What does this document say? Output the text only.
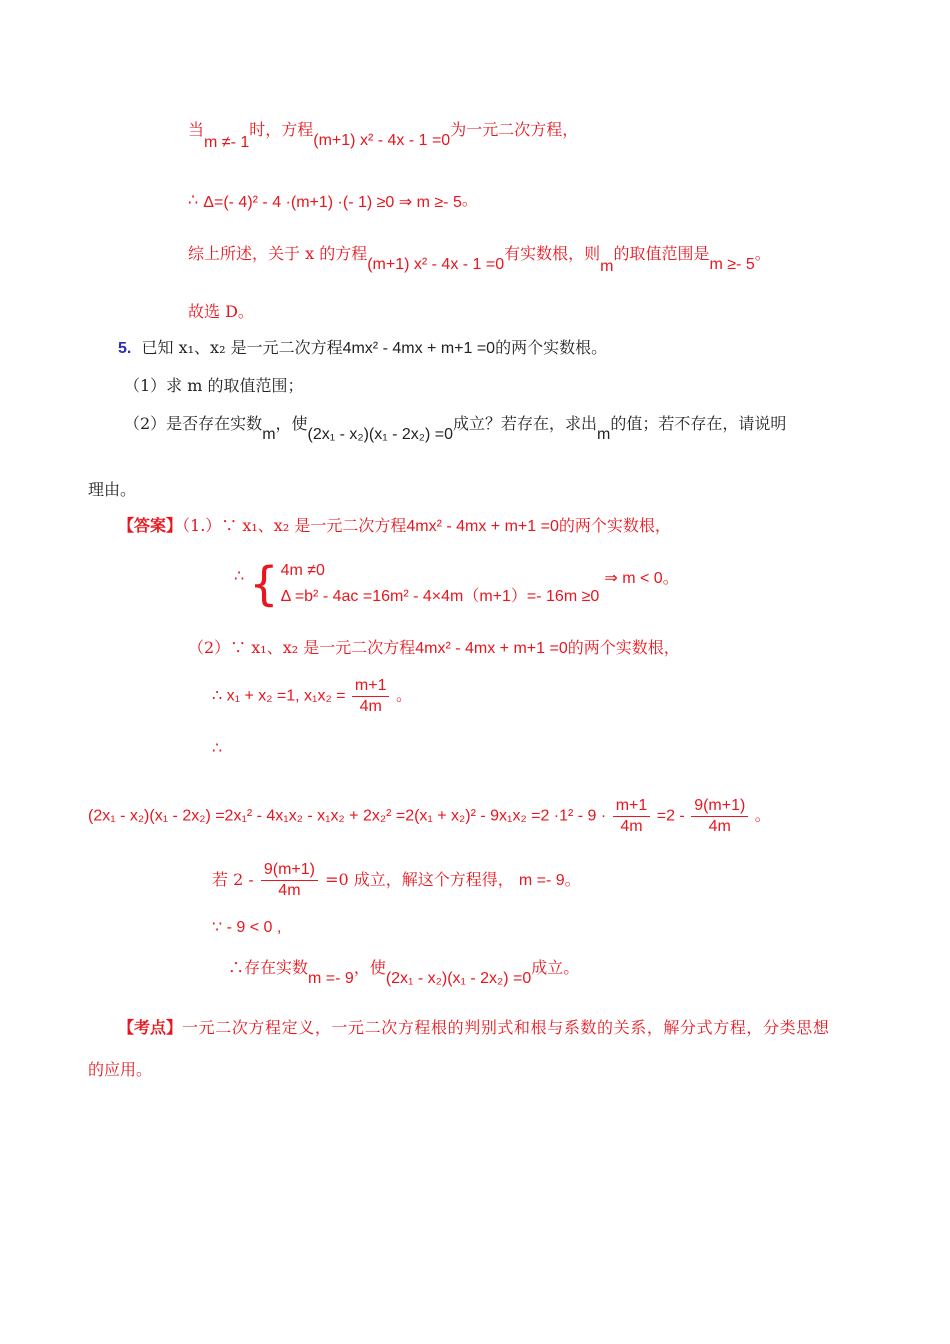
当m ≠- 1时，方程(m+1) x² - 4x - 1 =0为一元二次方程，
∴ Δ=(- 4)² - 4 ·(m+1) ·(- 1) ≥0 ⇒ m ≥- 5。
综上所述，关于 x 的方程(m+1) x² - 4x - 1 =0有实数根，则m的取值范围是m ≥- 5。
故选 D。
5. 已知 x₁、x₂ 是一元二次方程4mx² - 4mx + m+1 =0的两个实数根。
（1）求 m 的取值范围；
（2）是否存在实数m，使(2x₁ - x₂)(x₁ - 2x₂) =0成立？若存在，求出m的值；若不存在，请说明
理由。
【答案】（1.）∵ x₁、x₂ 是一元二次方程4mx² - 4mx + m+1 =0的两个实数根，
∴ { 4m ≠0
Δ =b² - 4ac =16m² - 4×4m（m+1）=- 16m ≥0
⇒ m < 0。
（2）∵ x₁、x₂ 是一元二次方程4mx² - 4mx + m+1 =0的两个实数根，
∴ x₁ + x₂ =1, $x_1x_2 = \frac{m+1}{4m}$ 。
∴
$(2x_1 - x_2)(x_1 - 2x_2) =2x_1^2 - 4x_1x_2 - x_1x_2 + 2x_2^2 =2(x_1 + x_2)^2 - 9x_1x_2 =2 \cdot 1^2 - 9 \cdot \frac{m+1}{4m} =2 - \frac{9(m+1)}{4m}$ 。
若 $2 - \frac{9(m+1)}{4m} =0$ 成立，解这个方程得， m =- 9。
∵ - 9 < 0 ,
∴存在实数m =- 9，使(2x₁ - x₂)(x₁ - 2x₂) =0成立。
【考点】一元二次方程定义，一元二次方程根的判别式和根与系数的关系，解分式方程，分类思想
的应用。
